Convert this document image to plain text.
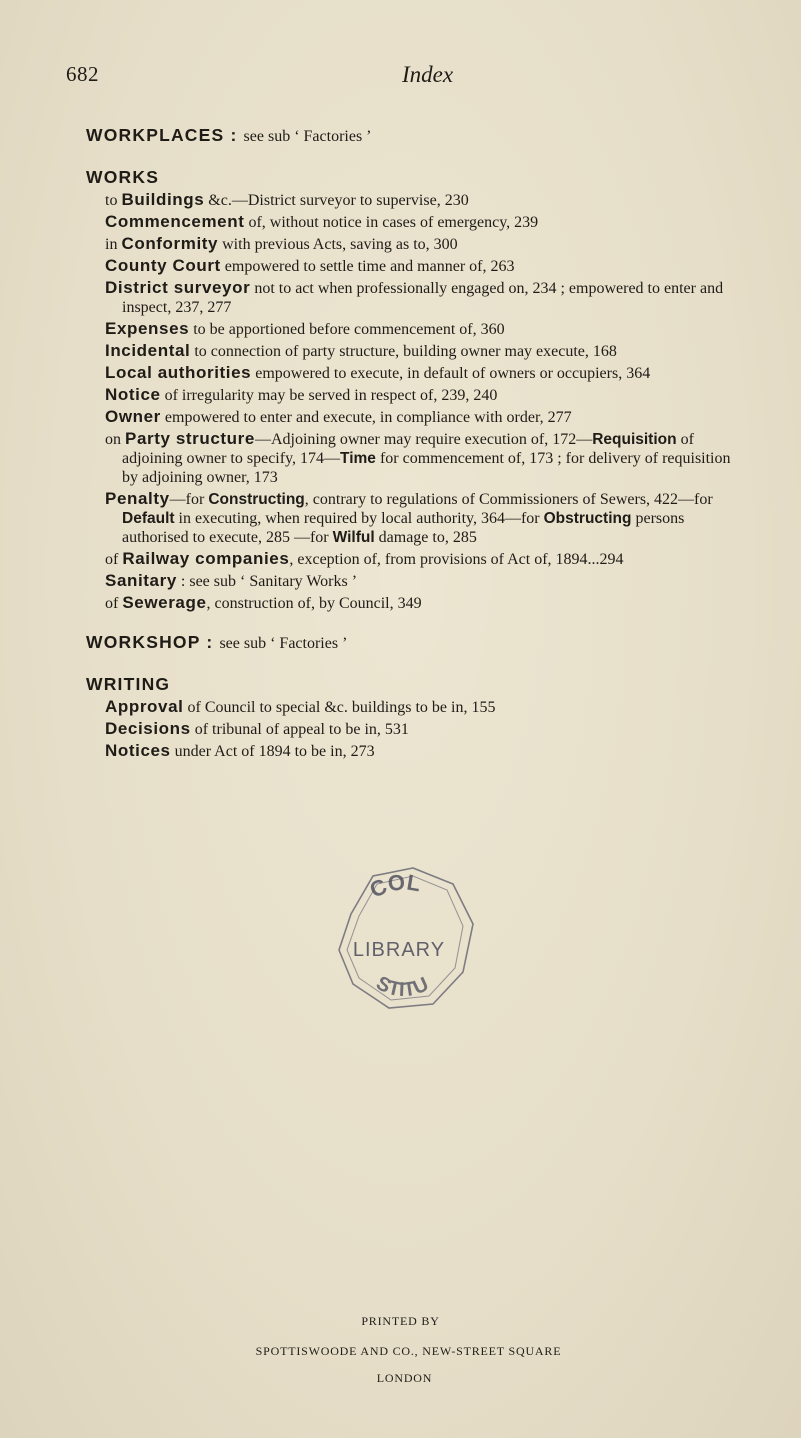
682	Index

WORKPLACES : see sub ‘ Factories ’

WORKS

to Buildings &c.—District surveyor to supervise, 230

Commencement of, without notice in cases of emergency, 239

in Conformity with previous Acts, saving as to, 300

County Court empowered to settle time and manner of, 263

District surveyor not to act when professionally engaged on, 234 ; empowered to enter and inspect, 237, 277

Expenses to be apportioned before commencement of, 360

Incidental to connection of party structure, building owner may execute, 168

Local authorities empowered to execute, in default of owners or occupiers, 364

Notice of irregularity may be served in respect of, 239, 240

Owner empowered to enter and execute, in compliance with order, 277

on Party structure—Adjoining owner may require execution of, 172—Requisition of adjoining owner to specify, 174—Time for commencement of, 173 ; for delivery of requisition by adjoining owner, 173

Penalty—for Constructing, contrary to regulations of Commissioners of Sewers, 422—for Default in executing, when required by local authority, 364—for Obstructing persons authorised to execute, 285 —for Wilful damage to, 285

of Railway companies, exception of, from provisions of Act of, 1894...294

Sanitary : see sub ‘ Sanitary Works ’

of Sewerage, construction of, by Council, 349

WORKSHOP : see sub ‘ Factories ’

WRITING

Approval of Council to special &c. buildings to be in, 155

Decisions of tribunal of appeal to be in, 531

Notices under Act of 1894 to be in, 273

COL
LIBRARY
STITU
PRINTED BY
SPOTTISWOODE AND CO., NEW-STREET SQUARE
LONDON
